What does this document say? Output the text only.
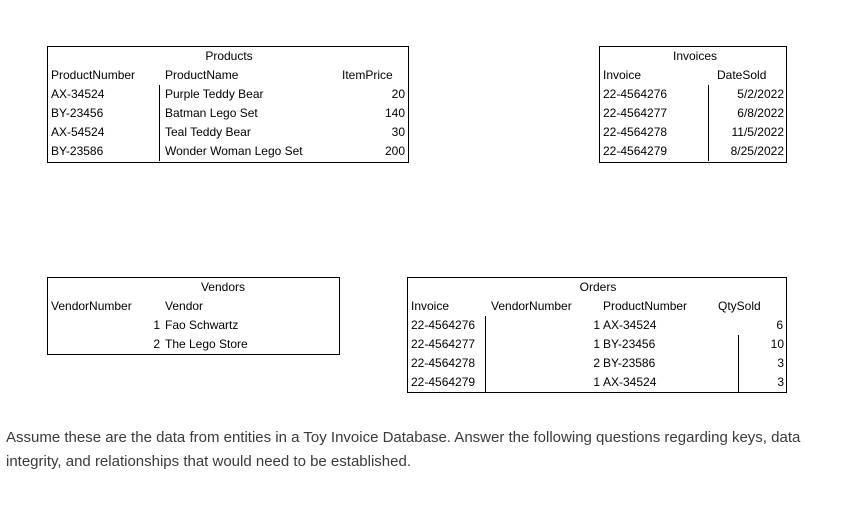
Products
ProductNumber ProductName	ItemPrice
AX-34524	Purple Teddy Bear	20
BY-23456	Batman Lego Set	140
AX-54524	Teal Teddy Bear	30
BY-23586	Wonder Woman Lego Set	200
Invoices
Invoice	DateSold
22-4564276	5/2/2022
22-4564277	6/8/2022
22-4564278	11/5/2022
22-4564279	8/25/2022
Vendors
VendorNumber	Vendor
1 Fao Schwartz
2 The Lego Store
Orders
Invoice	VendorNumber	ProductNumber	QtySold
22-4564276	1 AX-34524	6
22-4564277	1 BY-23456	10
22-4564278	2 BY-23586	3
22-4564279	1 AX-34524	3
Assume these are the data from entities in a Toy Invoice Database. Answer the following questions regarding keys, data integrity, and relationships that would need to be established.
